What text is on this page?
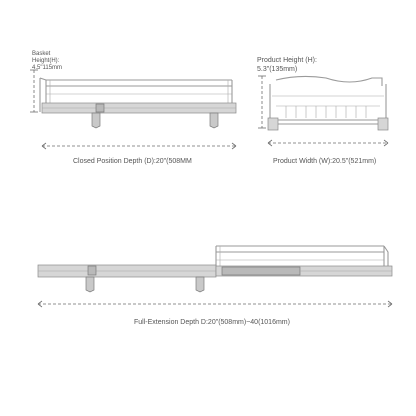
Basket
Height(H):
4.5"115mm
Closed Position Depth (D):20"(508MM
Product Height (H):
5.3"(135mm)
Product Width (W):20.5"(521mm)
Full-Extension Depth D:20"(508mm)~40(1016mm)
